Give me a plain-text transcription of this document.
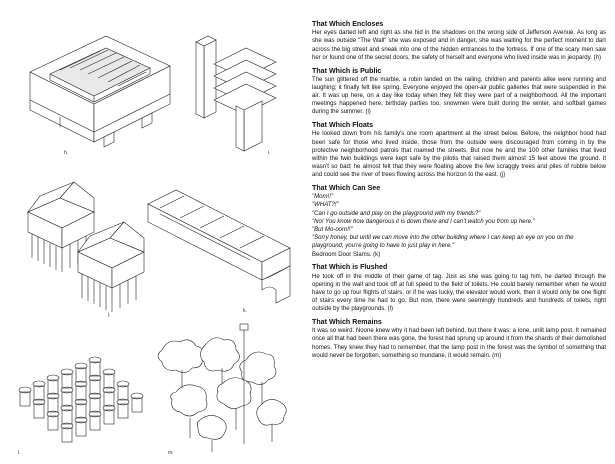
h.	i.
j.
k.
l.	m.
That Which Encloses

Her eyes darted left and right as she hid in the shadows on the wrong side of Jefferson Avenue. As long as she was outside "The Wall" she was exposed and in danger, she was waiting for the perfect moment to dart across the big street and sneak into one of the hidden entrances to the fortress. If one of the scary men saw her or found one of the secret doors, the safety of herself and everyone who lived inside was in jeopardy. (h)

That Which is Public

The sun glittered off the marble, a robin landed on the railing, children and parents alike were running and laughing; it finally felt like spring. Everyone enjoyed the open-air public galleries that were suspended in the air. It was up here, on a day like today when they felt they were part of a neighborhood. All the important meetings happened here, birthday parties too, snowmen were built during the winter, and softball games during the summer. (i)

That Which Floats

He looked down from his family's one room apartment at the street below. Before, the neighbor hood had been safe for those who lived inside, those from the outside were discouraged from coming in by the protective neighborhood patrols that roamed the streets. But now he and the 100 other families that lived within the twin buildings were kept safe by the pilotis that raised them almost 15 feet above the ground. It wasn't so bad; he almost felt that they were floating above the few scraggly trees and piles of rubble below and could see the river of trees flowing across the horizon to the east. (j)

That Which Can See
"Mom!!"
"WHAT?!"
"Can I go outside and play on the playground with my friends?"
"No! You know how dangerous it is down there and I can't watch you from up here."
"But Mo-oom!!"
"Sorry honey, but until we can move into the other building where I can keep an eye on you on the playground, you're going to have to just play in here."
Bedroom Door Slams. (k)
That Which is Flushed

He took off in the middle of their game of tag. Just as she was going to tag him, he darted through the opening in the wall and took off at full speed to the field of toilets. He could barely remember when he would have to go up four flights of stairs, or if he was lucky, the elevator would work, then it would only be one flight of stairs every time he had to go. But now, there were seemingly hundreds and hundreds of toilets, right outside by the playgrounds. (l)

That Which Remains

It was so weird. Noone knew why it had been left behind, but there it was: a lone, unlit lamp post. It remained once all that had been there was gone, the forest had sprung up around it from the shards of their demolished homes. They knew they had to remember, that the lamp post in the forest was the symbol of something that would never be forgotten, something so mundane, it would remain. (m)
